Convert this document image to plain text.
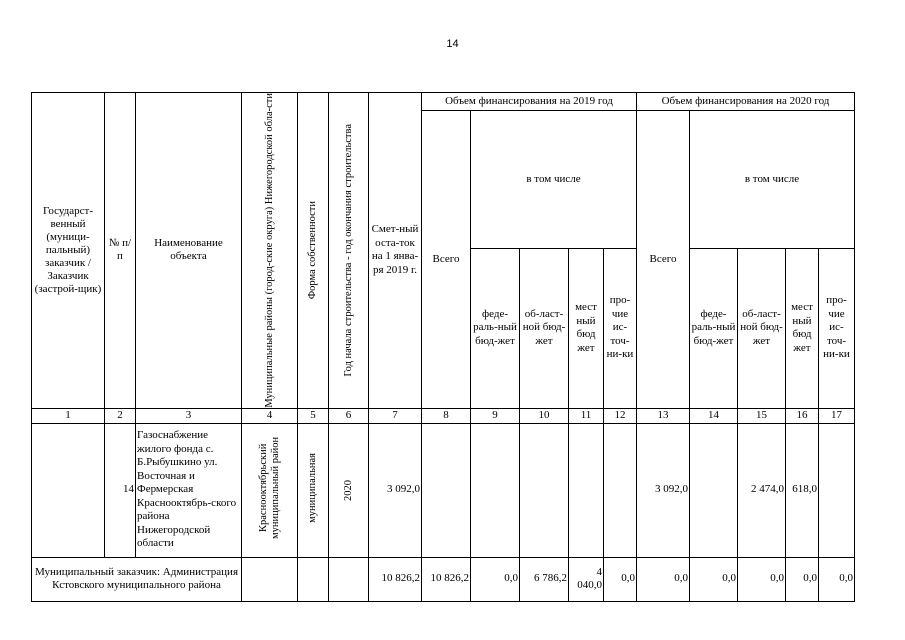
14
Государст-венный (муници-пальный) заказчик / Заказчик (застрой-щик)	№ п/п	Наименование объекта	Муниципальные районы (город-ские округа) Нижегородской обла-сти	Форма собственности	Год начала строительства - год окончания строительства	Смет-ный оста-ток на 1 янва-ря 2019 г.	Объем финансирования на 2019 год					Объем финансирования на 2020 год				
							Всего	в том числе				Всего	в том числе			
								феде-раль-ный бюд-жет	об-ласт-ной бюд-жет	мест ный бюд жет	про-чие ис-точ-ни-ки		феде-раль-ный бюд-жет	об-ласт-ной бюд-жет	мест ный бюд жет	про-чие ис-точ-ни-ки
1	2	3	4	5	6	7	8	9	10	11	12	13	14	15	16	17
	14	Газоснабжение жилого фонда с. Б.Рыбушкино ул. Восточная и Фермерская Краснооктябрь-ского района Нижегородской области	Краснооктябрьский муниципальный район	муниципальная	2020	3 092,0						3 092,0		2 474,0	618,0	
Муниципальный заказчик: Администрация Кстовского муниципального района						10 826,2	10 826,2	0,0	6 786,2	4 040,0	0,0	0,0	0,0	0,0	0,0	0,0
